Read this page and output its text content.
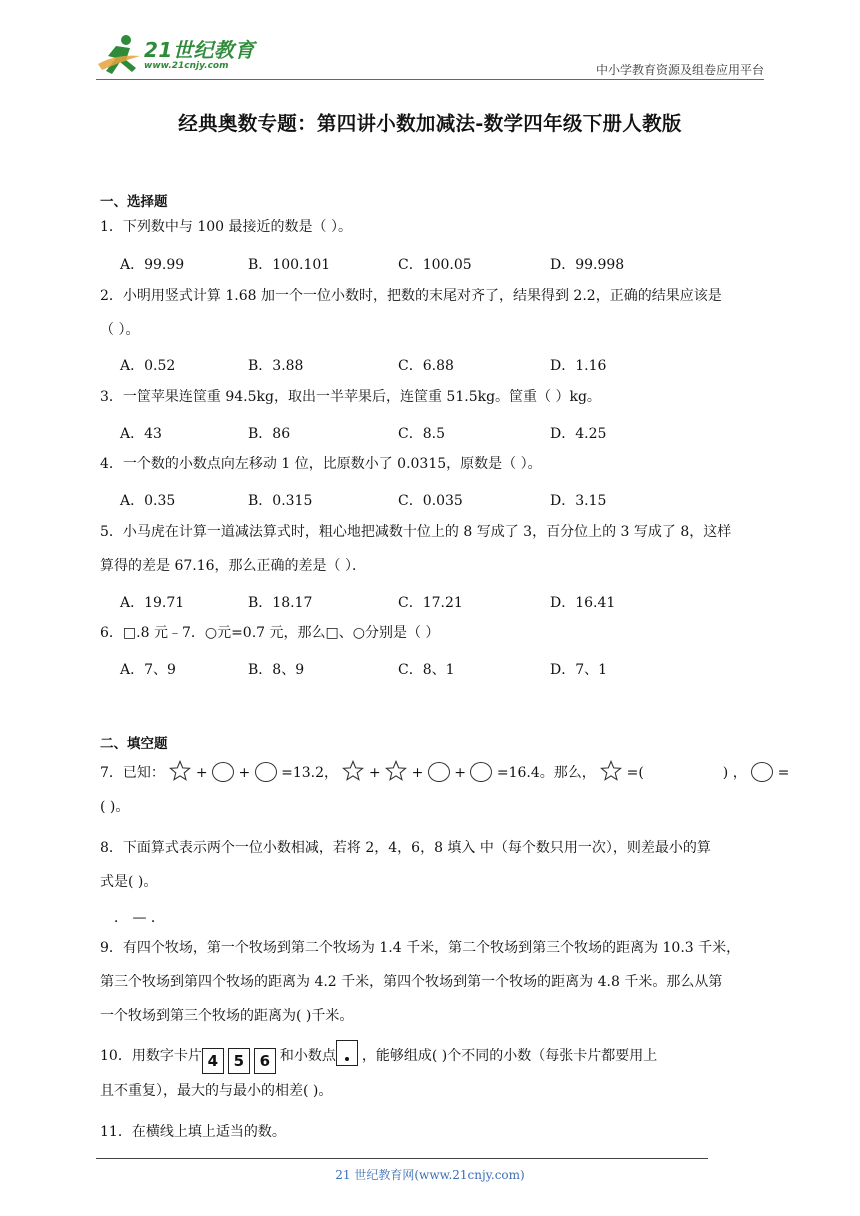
21世纪教育
www.21cnjy.com	中小学教育资源及组卷应用平台
经典奥数专题：第四讲小数加减法-数学四年级下册人教版
一、选择题
1．下列数中与 100 最接近的数是（ ）。
A．99.99	B．100.101	C．100.05	D．99.998
2．小明用竖式计算 1.68 加一个一位小数时，把数的末尾对齐了，结果得到 2.2，正确的结果应该是
（ ）。
A．0.52	B．3.88	C．6.88	D．1.16
3．一筐苹果连筐重 94.5kg，取出一半苹果后，连筐重 51.5kg。筐重（ ）kg。
A．43	B．86	C．8.5	D．4.25
4．一个数的小数点向左移动 1 位，比原数小了 0.0315，原数是（ ）。
A．0.35	B．0.315	C．0.035	D．3.15
5．小马虎在计算一道减法算式时，粗心地把减数十位上的 8 写成了 3，百分位上的 3 写成了 8，这样
算得的差是 67.16，那么正确的差是（ ）．
A．19.71	B．18.17	C．17.21	D．16.41
6．□.8 元﹣7．○元=0.7 元，那么□、○分别是（ ）
A．7、9	B．8、9	C．8、1	D．7、1
二、填空题
7．已知： + + =13.2， + + + =16.4。那么， =(	) ， =
( )。
8．下面算式表示两个一位小数相减，若将 2，4，6，8 填入 中（每个数只用一次），则差最小的算
式是( )。
． — ．
9．有四个牧场，第一个牧场到第二个牧场为 1.4 千米，第二个牧场到第三个牧场的距离为 10.3 千米，
第三个牧场到第四个牧场的距离为 4.2 千米，第四个牧场到第一个牧场的距离为 4.8 千米。那么从第
一个牧场到第三个牧场的距离为( )千米。
10．用数字卡片 4 5 6 和小数点 ，能够组成( )个不同的小数（每张卡片都要用上
且不重复），最大的与最小的相差( )。
11．在横线上填上适当的数。
21 世纪教育网(www.21cnjy.com)
